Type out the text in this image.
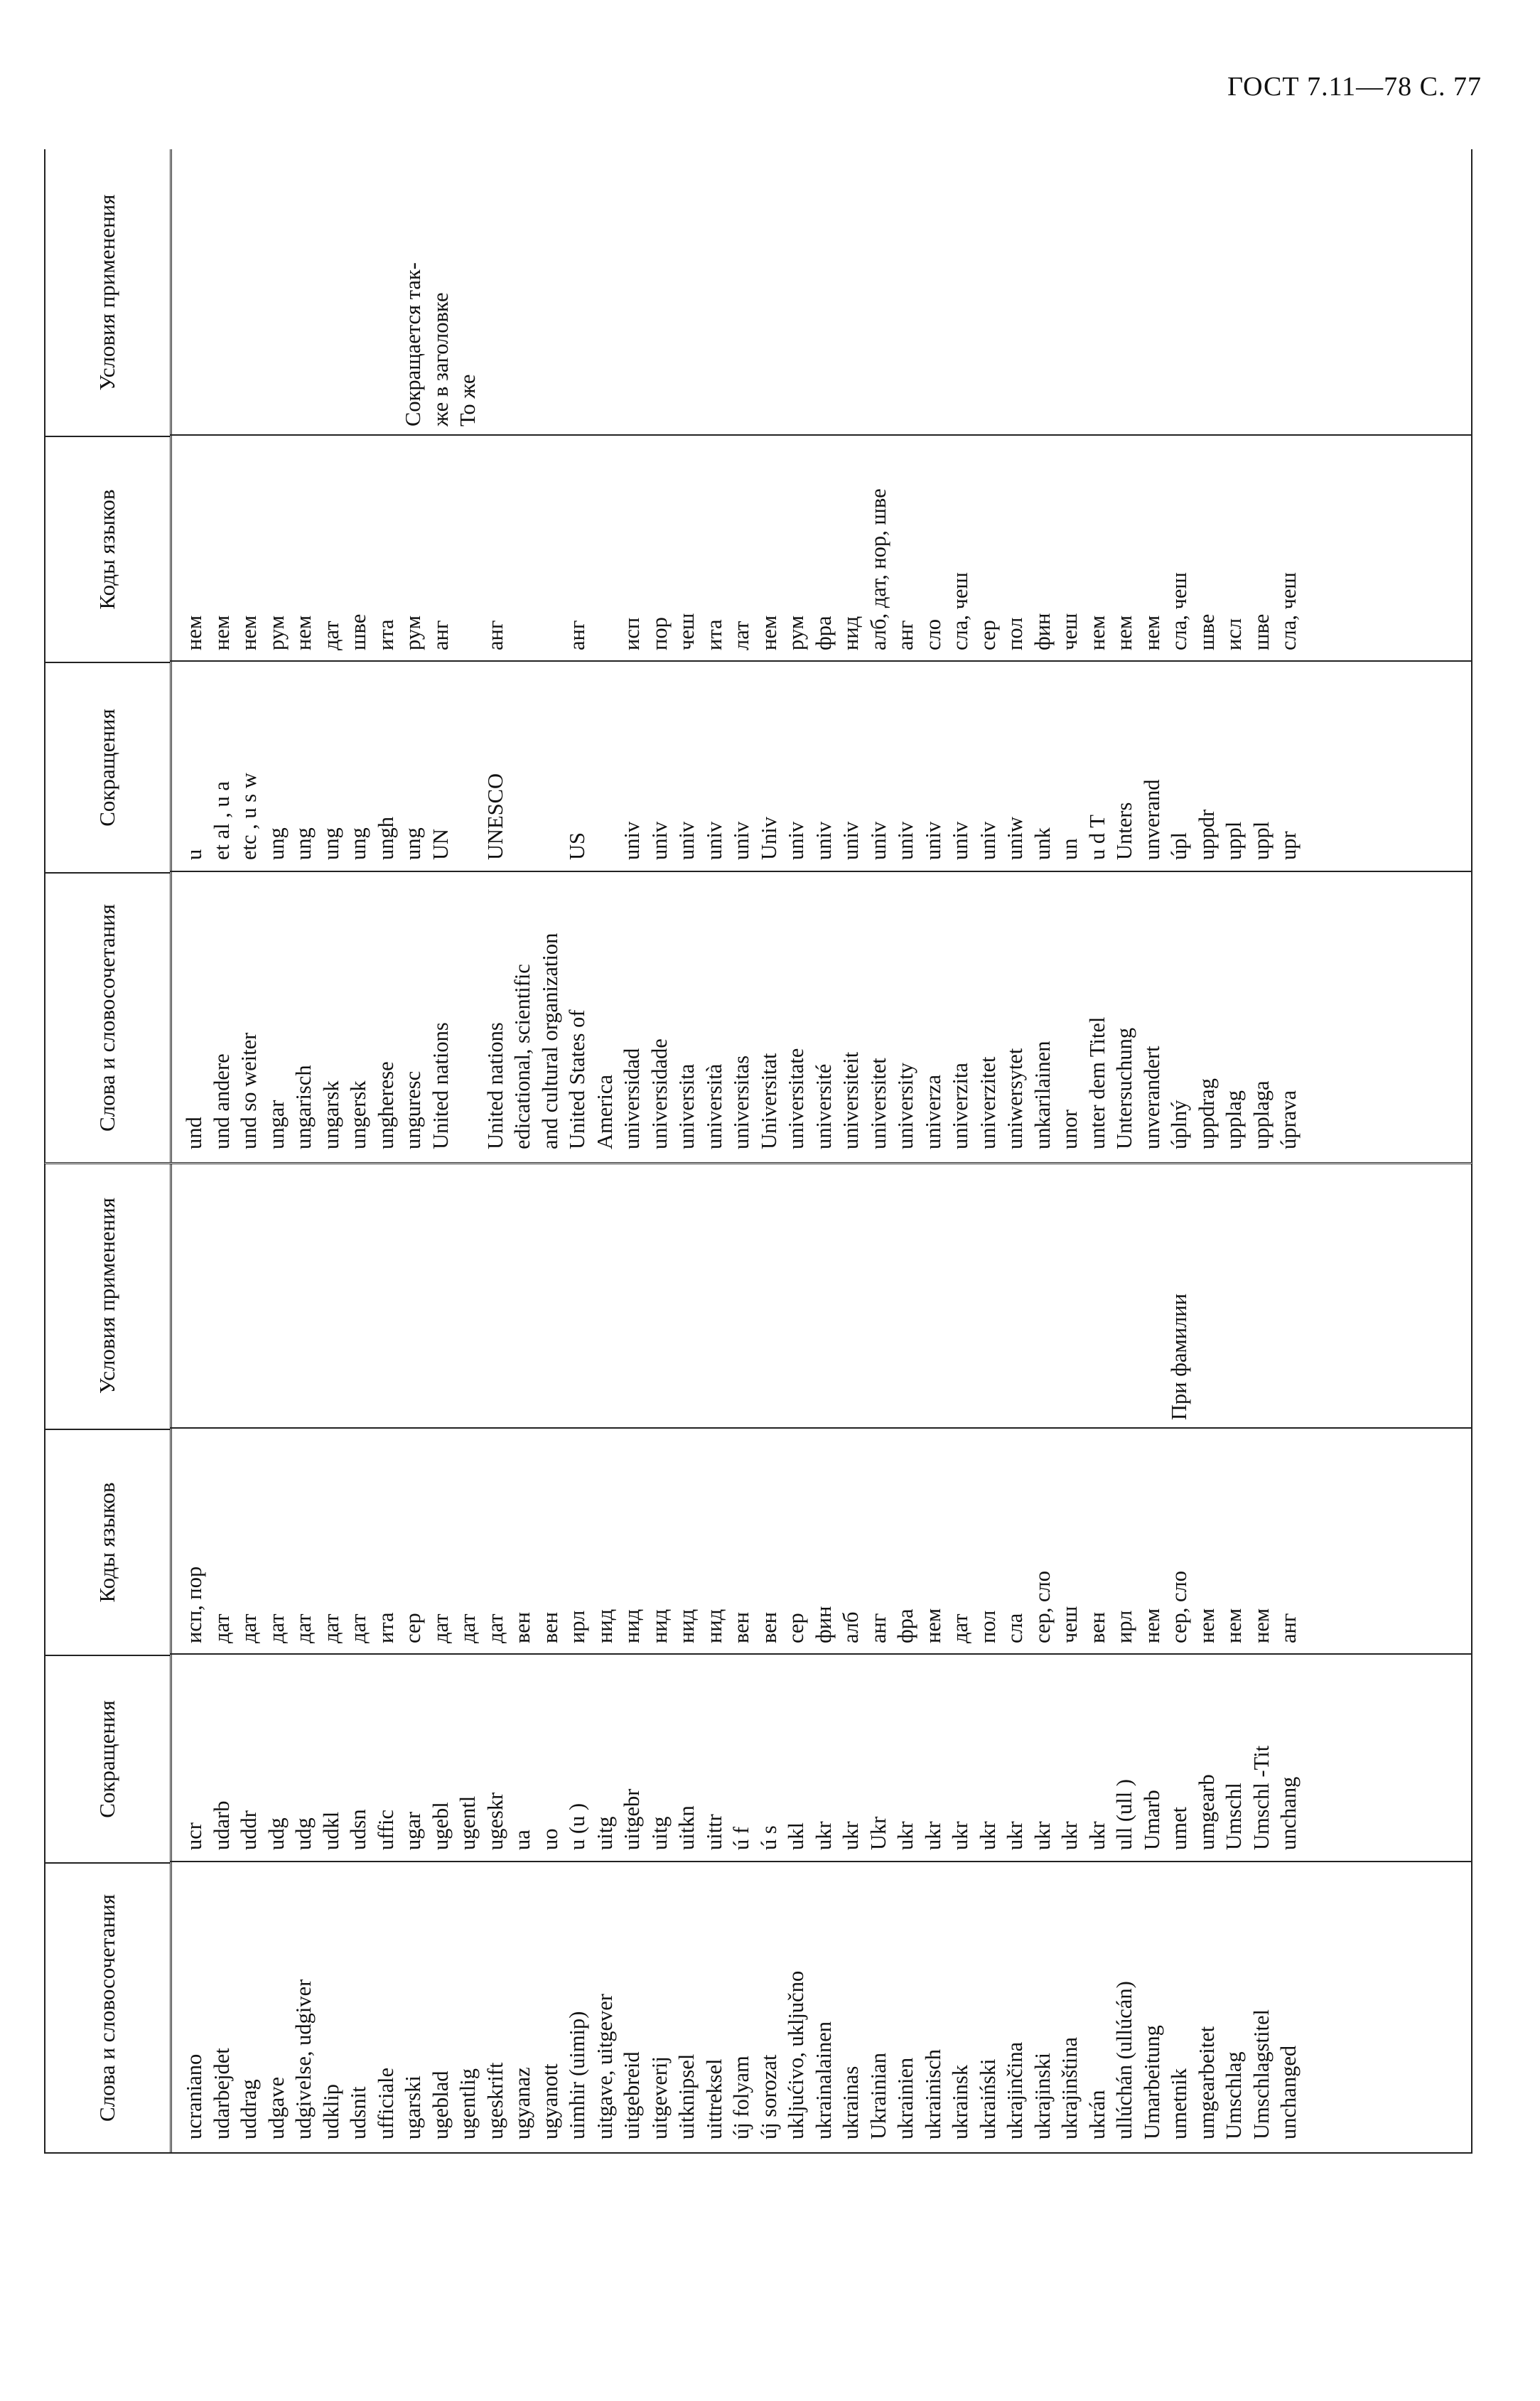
ГОСТ 7.11—78 С. 77
Слова и словосочетания
Сокращения
Коды языков
Условия применения
ucraniano
ucr
исп, пор
udarbejdet
udarb
дат
uddrag
uddr
дат
udgave
udg
дат
udgivelse, udgiver
udg
дат
udklip
udkl
дат
udsnit
udsn
дат
ufficiale
uffic
ита
ugarski
ugar
сер
ugeblad
ugebl
дат
ugentlig
ugentl
дат
ugeskrift
ugeskr
дат
ugyanaz
ua
вен
ugyanott
uo
вен
uimhir (uimip)
u (u )
ирл
uitgave, uitgever
uitg
нид
uitgebreid
uitgebr
нид
uitgeverij
uitg
нид
uitknipsel
uitkn
нид
uittreksel
uittr
нид
új folyam
ú f
вен
új sorozat
ú s
вен
ukljućivo, uključno
ukl
сер
ukrainalainen
ukr
фин
ukrainas
ukr
алб
Ukrainian
Ukr
анг
ukrainien
ukr
фра
ukrainisch
ukr
нем
ukrainsk
ukr
дат
ukraiński
ukr
пол
ukrajinčina
ukr
сла
ukrajinski
ukr
сер, сло
ukrajinština
ukr
чеш
ukrán
ukr
вен
ullúchán (ullúcán)
ull (ull )
ирл
Umarbeitung
Umarb
нем
umetnik
umet
сер, сло
При фамилии
umgearbeitet
umgearb
нем
Umschlag
Umschl
нем
Umschlagstitel
Umschl -Tit
нем
unchanged
unchang
анг
Слова и словосочетания
Сокращения
Коды языков
Условия применения
und
u
нем
und andere
et al , u a
нем
und so weiter
etc , u s w
нем
ungar
ung
рум
ungarisch
ung
нем
ungarsk
ung
дат
ungersk
ung
шве
ungherese
ungh
ита
unguresc
ung
рум
Сокращается так-
United nations
UN
анг
же в заголовке То же
United nations
UNESCO
анг
edicational, scientific and cultural organization United States of
US
анг
America universidad
univ
исп
universidade
univ
пор
universita
univ
чеш
università
univ
ита
universitas
univ
лат
Universitat
Univ
нем
universitate
univ
рум
université
univ
фра
universiteit
univ
нид
universitet
univ
алб, дат, нор, шве
university
univ
анг
univerza
univ
сло
univerzita
univ
сла, чеш
univerzitet
univ
сер
uniwersytet
uniw
пол
unkarilainen
unk
фин
unor
un
чеш
unter dem Titel
u d T
нем
Untersuchung
Unters
нем
unverandert
unverand
нем
úplný
úpl
сла, чеш
uppdrag
uppdr
шве
upplag
uppl
исл
upplaga
uppl
шве
úprava
upr
сла, чеш
